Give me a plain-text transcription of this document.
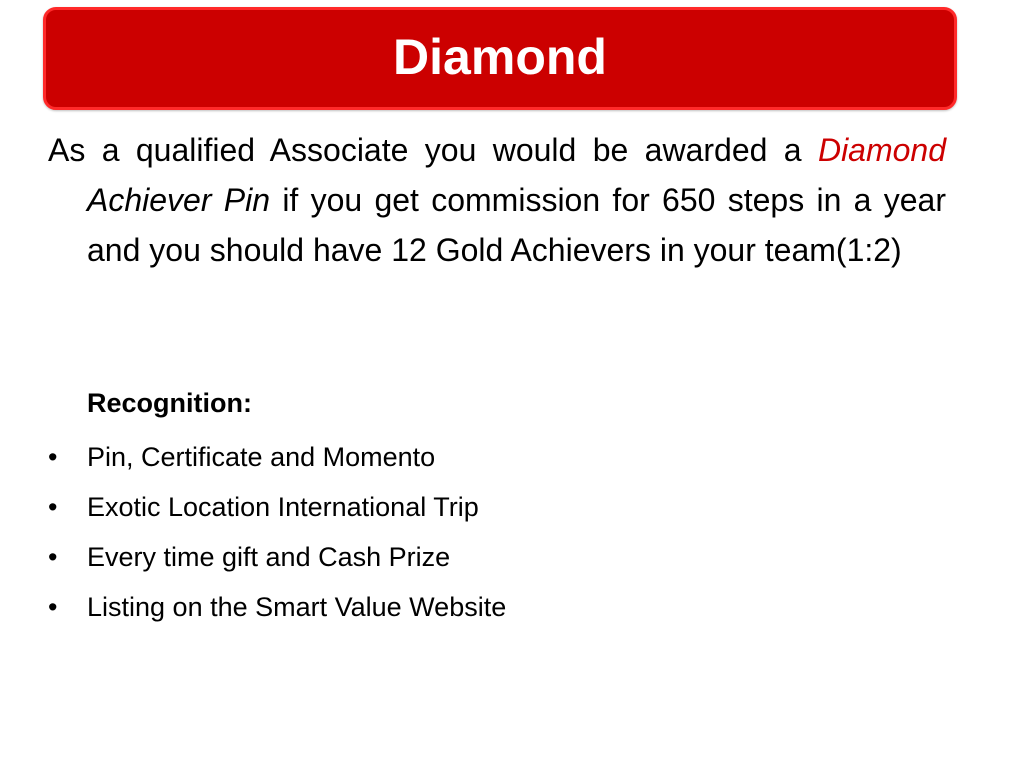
Diamond

As a qualified Associate you would be awarded a Diamond Achiever Pin if you get commission for 650 steps in a year and you should have 12 Gold Achievers in your team(1:2)

Recognition:

•	Pin, Certificate and Momento
•	Exotic Location International Trip
•	Every time gift and Cash Prize
•	Listing on the Smart Value Website
